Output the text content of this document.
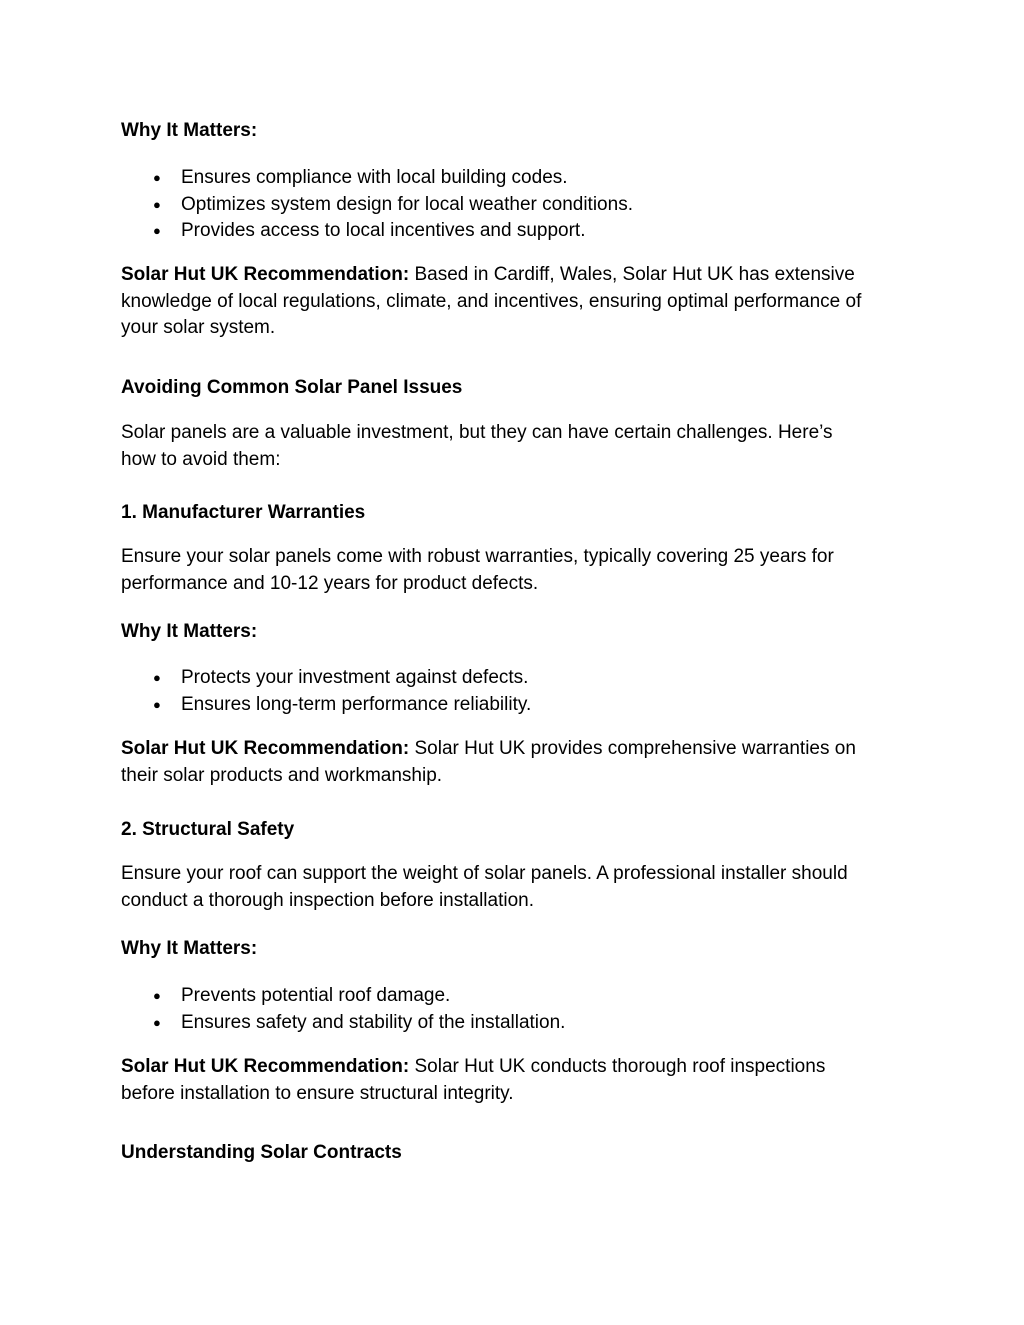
Why It Matters:
● Ensures compliance with local building codes.
● Optimizes system design for local weather conditions.
● Provides access to local incentives and support.
Solar Hut UK Recommendation: Based in Cardiff, Wales, Solar Hut UK has extensive
knowledge of local regulations, climate, and incentives, ensuring optimal performance of
your solar system.
Avoiding Common Solar Panel Issues
Solar panels are a valuable investment, but they can have certain challenges. Here’s
how to avoid them:
1. Manufacturer Warranties
Ensure your solar panels come with robust warranties, typically covering 25 years for
performance and 10-12 years for product defects.
Why It Matters:
● Protects your investment against defects.
● Ensures long-term performance reliability.
Solar Hut UK Recommendation: Solar Hut UK provides comprehensive warranties on
their solar products and workmanship.
2. Structural Safety
Ensure your roof can support the weight of solar panels. A professional installer should
conduct a thorough inspection before installation.
Why It Matters:
● Prevents potential roof damage.
● Ensures safety and stability of the installation.
Solar Hut UK Recommendation: Solar Hut UK conducts thorough roof inspections
before installation to ensure structural integrity.
Understanding Solar Contracts
